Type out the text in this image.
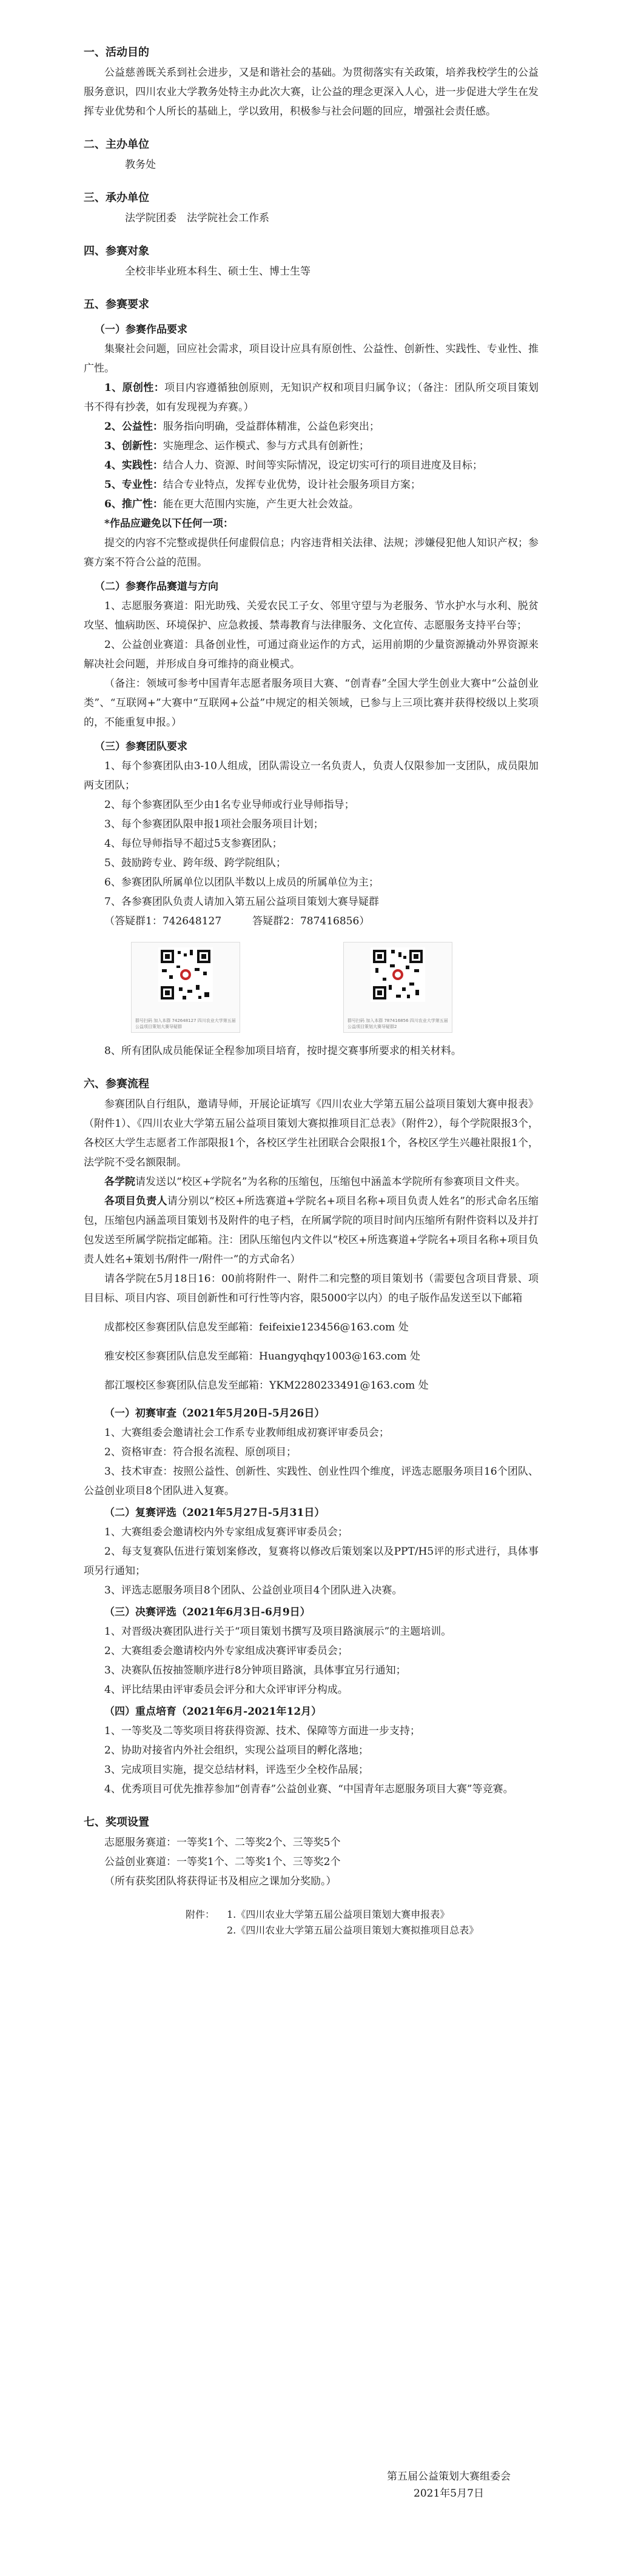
一、活动目的

公益慈善既关系到社会进步，又是和谐社会的基础。为贯彻落实有关政策，培养我校学生的公益服务意识，四川农业大学教务处特主办此次大赛，让公益的理念更深入人心，进一步促进大学生在发挥专业优势和个人所长的基础上，学以致用，积极参与社会问题的回应，增强社会责任感。

二、主办单位

教务处

三、承办单位

法学院团委　法学院社会工作系

四、参赛对象

全校非毕业班本科生、硕士生、博士生等

五、参赛要求

（一）参赛作品要求

集聚社会问题，回应社会需求，项目设计应具有原创性、公益性、创新性、实践性、专业性、推广性。

1、原创性：项目内容遵循独创原则，无知识产权和项目归属争议；（备注：团队所交项目策划书不得有抄袭，如有发现视为弃赛。）

2、公益性：服务指向明确，受益群体精准，公益色彩突出；

3、创新性：实施理念、运作模式、参与方式具有创新性；

4、实践性：结合人力、资源、时间等实际情况，设定切实可行的项目进度及目标；

5、专业性：结合专业特点，发挥专业优势，设计社会服务项目方案；

6、推广性：能在更大范围内实施，产生更大社会效益。

*作品应避免以下任何一项：

提交的内容不完整或提供任何虚假信息；内容违背相关法律、法规；涉嫌侵犯他人知识产权；参赛方案不符合公益的范围。

（二）参赛作品赛道与方向

1、志愿服务赛道：阳光助残、关爱农民工子女、邻里守望与为老服务、节水护水与水利、脱贫攻坚、恤病助医、环境保护、应急救援、禁毒教育与法律服务、文化宣传、志愿服务支持平台等；

2、公益创业赛道：具备创业性，可通过商业运作的方式，运用前期的少量资源撬动外界资源来解决社会问题，并形成自身可维持的商业模式。

（备注：领域可参考中国青年志愿者服务项目大赛、“创青春”全国大学生创业大赛中“公益创业类”、“互联网+”大赛中“互联网+公益”中规定的相关领域，已参与上三项比赛并获得校级以上奖项的，不能重复申报。）

（三）参赛团队要求

1、每个参赛团队由3-10人组成，团队需设立一名负责人，负责人仅限参加一支团队，成员限加两支团队；

2、每个参赛团队至少由1名专业导师或行业导师指导；

3、每个参赛团队限申报1项社会服务项目计划；

4、每位导师指导不超过5支参赛团队；

5、鼓励跨专业、跨年级、跨学院组队；

6、参赛团队所属单位以团队半数以上成员的所属单位为主；

7、各参赛团队负责人请加入第五届公益项目策划大赛导疑群

（答疑群1：742648127　　　答疑群2：787416856）

群号扫码 加入本群 742648127 四川农业大学第五届公益项目策划大赛导疑群
群号扫码 加入本群 787416856 四川农业大学第五届公益项目策划大赛导疑群2

8、所有团队成员能保证全程参加项目培育，按时提交赛事所要求的相关材料。

六、参赛流程

参赛团队自行组队，邀请导师，开展论证填写《四川农业大学第五届公益项目策划大赛申报表》（附件1）、《四川农业大学第五届公益项目策划大赛拟推项目汇总表》（附件2），每个学院限报3个，各校区大学生志愿者工作部限报1个，各校区学生社团联合会限报1个，各校区学生兴趣社限报1个，法学院不受名额限制。

各学院请发送以“校区+学院名”为名称的压缩包，压缩包中涵盖本学院所有参赛项目文件夹。

各项目负责人请分别以“校区+所选赛道+学院名+项目名称+项目负责人姓名”的形式命名压缩包，压缩包内涵盖项目策划书及附件的电子档，在所属学院的项目时间内压缩所有附件资料以及并打包发送至所属学院指定邮箱。注：团队压缩包内文件以“校区+所选赛道+学院名+项目名称+项目负责人姓名+策划书/附件一/附件一”的方式命名）

请各学院在5月18日16：00前将附件一、附件二和完整的项目策划书（需要包含项目背景、项目目标、项目内容、项目创新性和可行性等内容，限5000字以内）的电子版作品发送至以下邮箱

成都校区参赛团队信息发至邮箱：feifeixie123456@163.com 处

雅安校区参赛团队信息发至邮箱：Huangyqhqy1003@163.com 处

都江堰校区参赛团队信息发至邮箱：YKM2280233491@163.com 处

（一）初赛审查（2021年5月20日-5月26日）

1、大赛组委会邀请社会工作系专业教师组成初赛评审委员会；

2、资格审查：符合报名流程、原创项目；

3、技术审查：按照公益性、创新性、实践性、创业性四个维度，评选志愿服务项目16个团队、公益创业项目8个团队进入复赛。

（二）复赛评选（2021年5月27日-5月31日）

1、大赛组委会邀请校内外专家组成复赛评审委员会；

2、每支复赛队伍进行策划案修改，复赛将以修改后策划案以及PPT/H5评的形式进行，具体事项另行通知；

3、评选志愿服务项目8个团队、公益创业项目4个团队进入决赛。

（三）决赛评选（2021年6月3日-6月9日）

1、对晋级决赛团队进行关于“项目策划书撰写及项目路演展示”的主题培训。

2、大赛组委会邀请校内外专家组成决赛评审委员会；

3、决赛队伍按抽签顺序进行8分钟项目路演，具体事宜另行通知；

4、评比结果由评审委员会评分和大众评审评分构成。

（四）重点培育（2021年6月-2021年12月）

1、一等奖及二等奖项目将获得资源、技术、保障等方面进一步支持；

2、协助对接省内外社会组织，实现公益项目的孵化落地；

3、完成项目实施，提交总结材料，评选至少全校作品展；

4、优秀项目可优先推荐参加“创青春”公益创业赛、“中国青年志愿服务项目大赛”等竞赛。

七、奖项设置

志愿服务赛道：一等奖1个、二等奖2个、三等奖5个

公益创业赛道：一等奖1个、二等奖1个、三等奖2个

（所有获奖团队将获得证书及相应之课加分奖励。）

附件：	1.《四川农业大学第五届公益项目策划大赛申报表》
2.《四川农业大学第五届公益项目策划大赛拟推项目总表》
第五届公益策划大赛组委会
2021年5月7日
